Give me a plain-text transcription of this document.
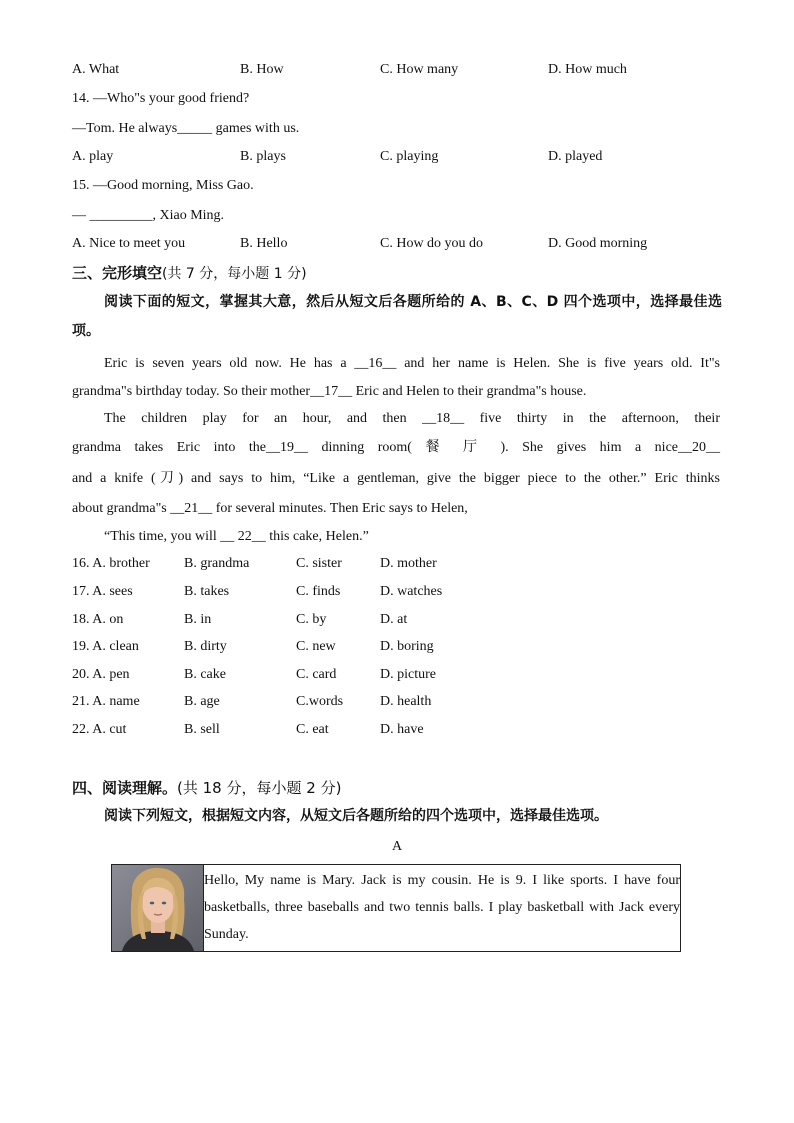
A. What	B. How	C. How many	D. How much
14. —Who"s your good friend?
—Tom. He always_____ games with us.
A. play	B. plays	C. playing	D. played
15. —Good morning, Miss Gao.
— _________, Xiao Ming.
A. Nice to meet you	B. Hello	C. How do you do	D. Good morning
三、完形填空(共 7 分，每小题 1 分)
阅读下面的短文，掌握其大意，然后从短文后各题所给的 A、B、C、D 四个选项中，选择最佳选项。
Eric is seven years old now. He has a __16__ and her name is Helen. She is five years old. It"s
grandma"s birthday today. So their mother__17__ Eric and Helen to their grandma"s house.
The children play for an hour, and then __18__ five thirty in the afternoon, their
grandma takes Eric into the__19__ dinning room( 餐 厅 ). She gives him a nice__20__
and a knife (刀) and says to him, “Like a gentleman, give the bigger piece to the other.” Eric thinks
about grandma"s __21__ for several minutes. Then Eric says to Helen,
“This time, you will __ 22__ this cake, Helen.”
16. A. brother B. grandma	C. sister	D. mother
17. A. sees	B. takes	C. finds	D. watches
18. A. on	B. in	C. by	D. at
19. A. clean	B. dirty	C. new	D. boring
20. A. pen	B. cake	C. card	D. picture
21. A. name	B. age	C.words	D. health
22. A. cut	B. sell	C. eat	D. have
四、阅读理解。(共 18 分，每小题 2 分)
阅读下列短文，根据短文内容，从短文后各题所给的四个选项中，选择最佳选项。
A
Hello, My name is Mary. Jack is my cousin. He is 9. I like sports. I have four basketballs, three baseballs and two tennis balls. I play basketball with Jack every Sunday.
